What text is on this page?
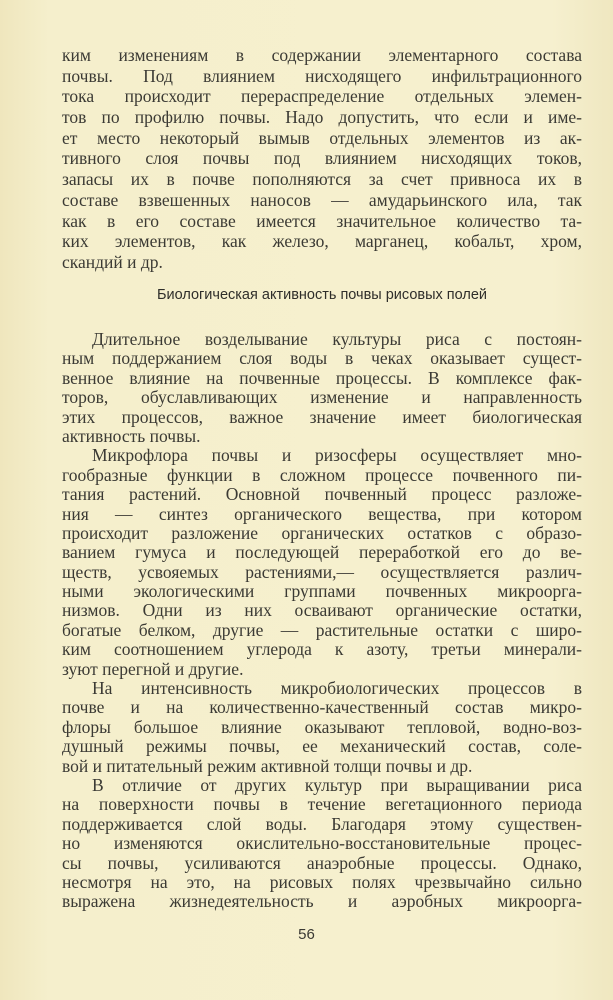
ким изменениям в содержании элементарного состава
почвы. Под влиянием нисходящего инфильтрационного
тока происходит перераспределение отдельных элемен-
тов по профилю почвы. Надо допустить, что если и име-
ет место некоторый вымыв отдельных элементов из ак-
тивного слоя почвы под влиянием нисходящих токов,
запасы их в почве пополняются за счет привноса их в
составе взвешенных наносов — амударьинского ила, так
как в его составе имеется значительное количество та-
ких элементов, как железо, марганец, кобальт, хром,
скандий и др.
Биологическая активность почвы рисовых полей
Длительное возделывание культуры риса с постоян-
ным поддержанием слоя воды в чеках оказывает сущест-
венное влияние на почвенные процессы. В комплексе фак-
торов, обуславливающих изменение и направленность
этих процессов, важное значение имеет биологическая
активность почвы.
Микрофлора почвы и ризосферы осуществляет мно-
гообразные функции в сложном процессе почвенного пи-
тания растений. Основной почвенный процесс разложе-
ния — синтез органического вещества, при котором
происходит разложение органических остатков с образо-
ванием гумуса и последующей переработкой его до ве-
ществ, усвояемых растениями,— осуществляется различ-
ными экологическими группами почвенных микроорга-
низмов. Одни из них осваивают органические остатки,
богатые белком, другие — растительные остатки с широ-
ким соотношением углерода к азоту, третьи минерали-
зуют перегной и другие.
На интенсивность микробиологических процессов в
почве и на количественно-качественный состав микро-
флоры большое влияние оказывают тепловой, водно-воз-
душный режимы почвы, ее механический состав, соле-
вой и питательный режим активной толщи почвы и др.
В отличие от других культур при выращивании риса
на поверхности почвы в течение вегетационного периода
поддерживается слой воды. Благодаря этому существен-
но изменяются окислительно-восстановительные процес-
сы почвы, усиливаются анаэробные процессы. Однако,
несмотря на это, на рисовых полях чрезвычайно сильно
выражена жизнедеятельность и аэробных микроорга-
56
